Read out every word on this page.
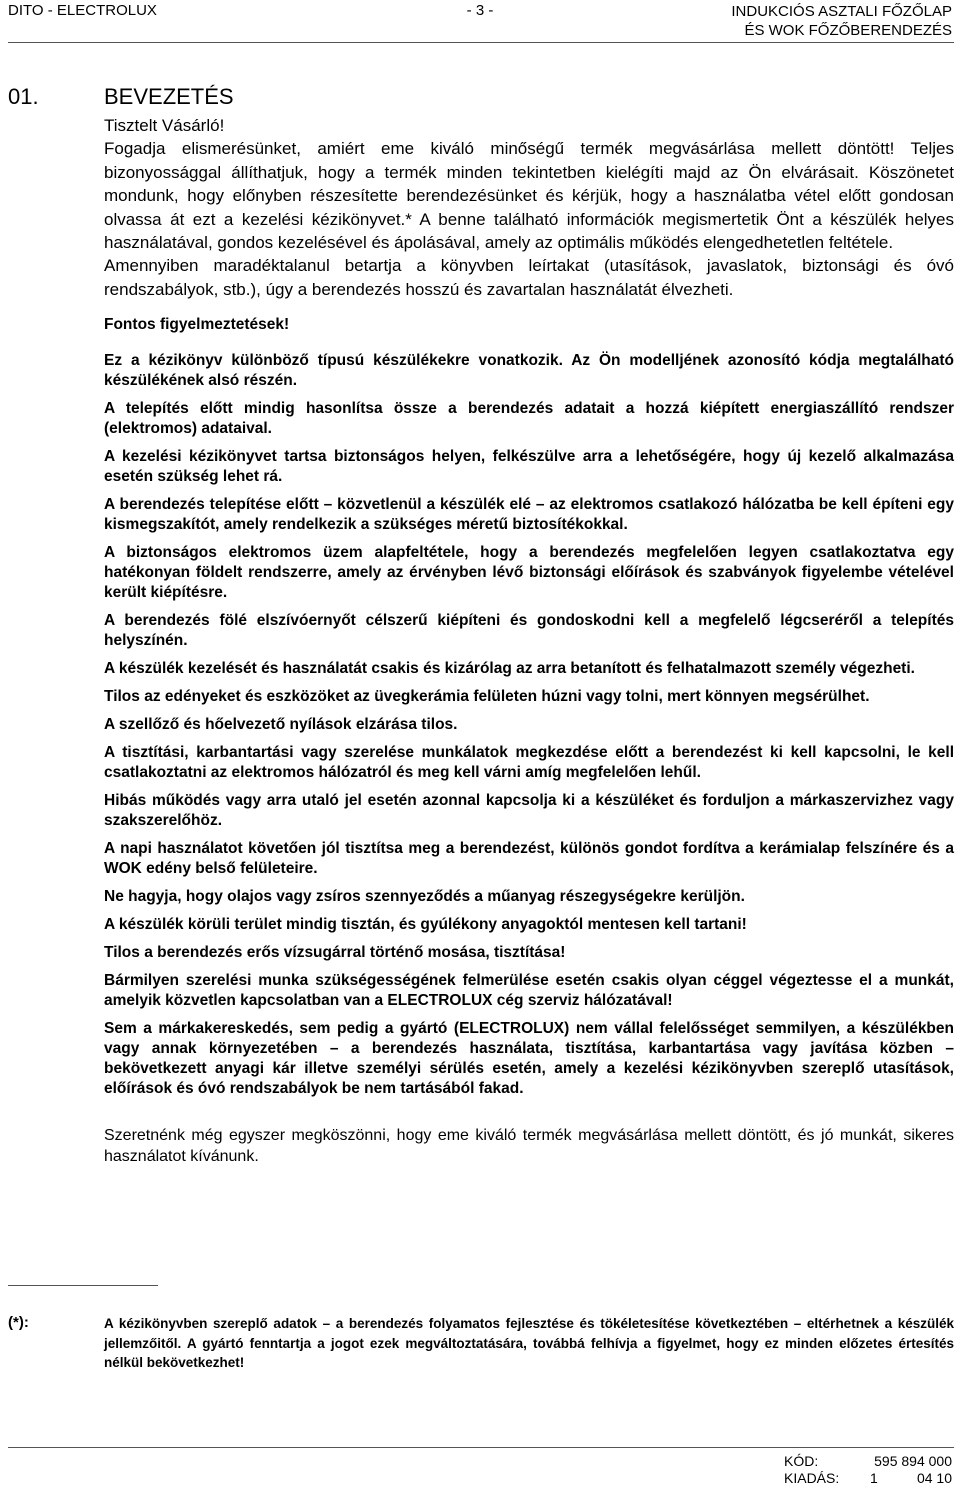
DITO - ELECTROLUX	- 3 -	INDUKCIÓS ASZTALI FŐZŐLAP
ÉS WOK FŐZŐBERENDEZÉS
01.	BEVEZETÉS

Tisztelt Vásárló!

Fogadja elismerésünket, amiért eme kiváló minőségű termék megvásárlása mellett döntött! Teljes bizonyossággal állíthatjuk, hogy a termék minden tekintetben kielégíti majd az Ön elvárásait. Köszönetet mondunk, hogy előnyben részesítette berendezésünket és kérjük, hogy a használatba vétel előtt gondosan olvassa át ezt a kezelési kézikönyvet.* A benne található információk megismertetik Önt a készülék helyes használatával, gondos kezelésével és ápolásával, amely az optimális működés elengedhetetlen feltétele.

Amennyiben maradéktalanul betartja a könyvben leírtakat (utasítások, javaslatok, biztonsági és óvó rendszabályok, stb.), úgy a berendezés hosszú és zavartalan használatát élvezheti.

Fontos figyelmeztetések!

Ez a kézikönyv különböző típusú készülékekre vonatkozik. Az Ön modelljének azonosító kódja megtalálható készülékének alsó részén.

A telepítés előtt mindig hasonlítsa össze a berendezés adatait a hozzá kiépített energiaszállító rendszer (elektromos) adataival.

A kezelési kézikönyvet tartsa biztonságos helyen, felkészülve arra a lehetőségére, hogy új kezelő alkalmazása esetén szükség lehet rá.

A berendezés telepítése előtt – közvetlenül a készülék elé – az elektromos csatlakozó hálózatba be kell építeni egy kismegszakítót, amely rendelkezik a szükséges méretű biztosítékokkal.

A biztonságos elektromos üzem alapfeltétele, hogy a berendezés megfelelően legyen csatlakoztatva egy hatékonyan földelt rendszerre, amely az érvényben lévő biztonsági előírások és szabványok figyelembe vételével került kiépítésre.

A berendezés fölé elszívóernyőt célszerű kiépíteni és gondoskodni kell a megfelelő légcseréről a telepítés helyszínén.

A készülék kezelését és használatát csakis és kizárólag az arra betanított és felhatalmazott személy végezheti.

Tilos az edényeket és eszközöket az üvegkerámia felületen húzni vagy tolni, mert könnyen megsérülhet.

A szellőző és hőelvezető nyílások elzárása tilos.

A tisztítási, karbantartási vagy szerelése munkálatok megkezdése előtt a berendezést ki kell kapcsolni, le kell csatlakoztatni az elektromos hálózatról és meg kell várni amíg megfelelően lehűl.

Hibás működés vagy arra utaló jel esetén azonnal kapcsolja ki a készüléket és forduljon a márkaszervizhez vagy szakszerelőhöz.

A napi használatot követően jól tisztítsa meg a berendezést, különös gondot fordítva a kerámialap felszínére és a WOK edény belső felületeire.

Ne hagyja, hogy olajos vagy zsíros szennyeződés a műanyag részegységekre kerüljön.

A készülék körüli terület mindig tisztán, és gyúlékony anyagoktól mentesen kell tartani!

Tilos a berendezés erős vízsugárral történő mosása, tisztítása!

Bármilyen szerelési munka szükségességének felmerülése esetén csakis olyan céggel végeztesse el a munkát, amelyik közvetlen kapcsolatban van a ELECTROLUX cég szerviz hálózatával!

Sem a márkakereskedés, sem pedig a gyártó (ELECTROLUX) nem vállal felelősséget semmilyen, a készülékben vagy annak környezetében – a berendezés használata, tisztítása, karbantartása vagy javítása közben – bekövetkezett anyagi kár illetve személyi sérülés esetén, amely a kezelési kézikönyvben szereplő utasítások, előírások és óvó rendszabályok be nem tartásából fakad.

Szeretnénk még egyszer megköszönni, hogy eme kiváló termék megvásárlása mellett döntött, és jó munkát, sikeres használatot kívánunk.

(*):	A kézikönyvben szereplő adatok – a berendezés folyamatos fejlesztése és tökéletesítése következtében – eltérhetnek a készülék jellemzőitől. A gyártó fenntartja a jogot ezek megváltoztatására, továbbá felhívja a figyelmet, hogy ez minden előzetes értesítés nélkül bekövetkezhet!
KÓD:	595 894 000	
KIADÁS:	1	04 10
